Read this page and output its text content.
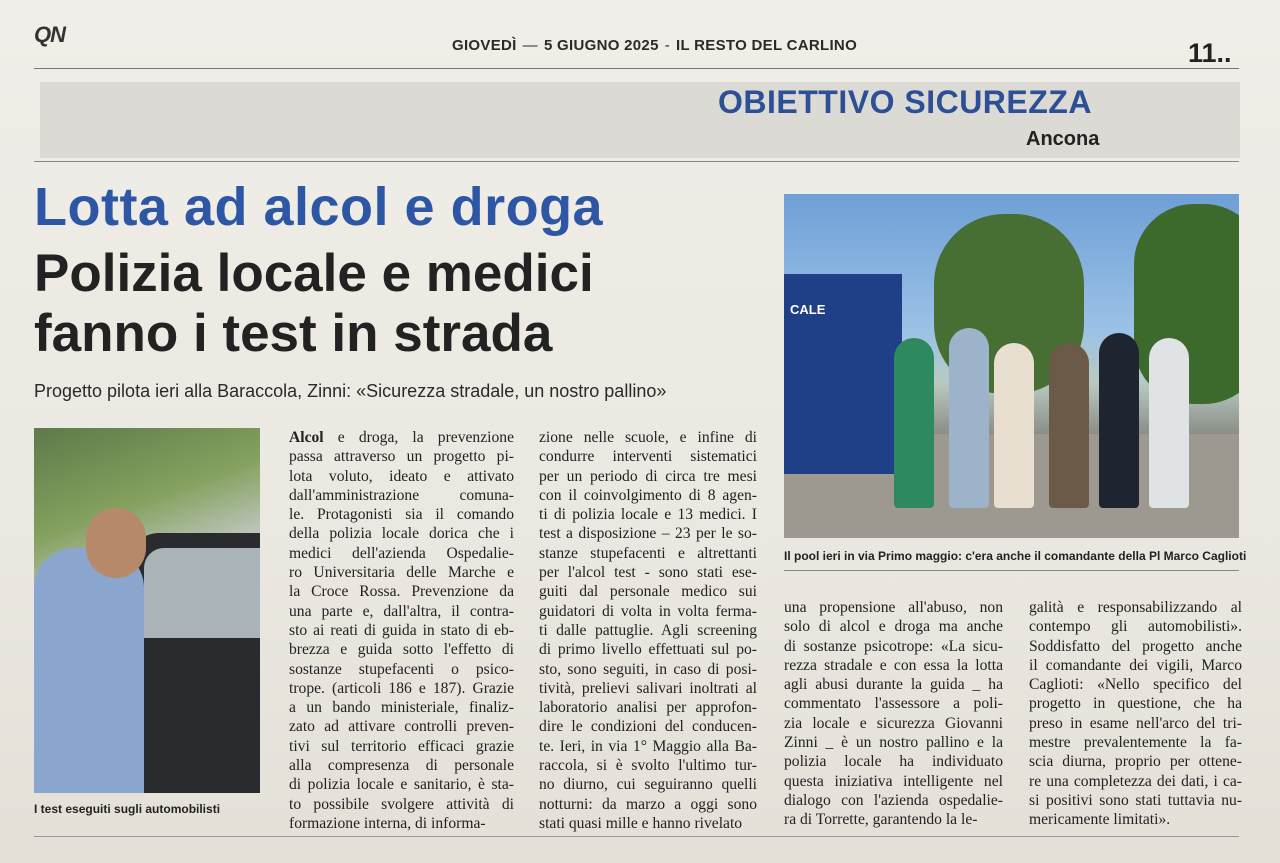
QN	GIOVEDÌ — 5 GIUGNO 2025 - IL RESTO DEL CARLINO	11..
OBIETTIVO SICUREZZA
Ancona
Lotta ad alcol e droga
Polizia locale e medici
fanno i test in strada
Progetto pilota ieri alla Baraccola, Zinni: «Sicurezza stradale, un nostro pallino»
I test eseguiti sugli automobilisti
CALE
Il pool ieri in via Primo maggio: c'era anche il comandante della Pl Marco Caglioti
Alcol e droga, la prevenzione
passa attraverso un progetto pi-
lota voluto, ideato e attivato
dall'amministrazione comuna-
le. Protagonisti sia il comando
della polizia locale dorica che i
medici dell'azienda Ospedalie-
ro Universitaria delle Marche e
la Croce Rossa. Prevenzione da
una parte e, dall'altra, il contra-
sto ai reati di guida in stato di eb-
brezza e guida sotto l'effetto di
sostanze stupefacenti o psico-
trope. (articoli 186 e 187). Grazie
a un bando ministeriale, finaliz-
zato ad attivare controlli preven-
tivi sul territorio efficaci grazie
alla compresenza di personale
di polizia locale e sanitario, è sta-
to possibile svolgere attività di
formazione interna, di informa-
zione nelle scuole, e infine di
condurre interventi sistematici
per un periodo di circa tre mesi
con il coinvolgimento di 8 agen-
ti di polizia locale e 13 medici. I
test a disposizione – 23 per le so-
stanze stupefacenti e altrettanti
per l'alcol test - sono stati ese-
guiti dal personale medico sui
guidatori di volta in volta ferma-
ti dalle pattuglie. Agli screening
di primo livello effettuati sul po-
sto, sono seguiti, in caso di posi-
tività, prelievi salivari inoltrati al
laboratorio analisi per approfon-
dire le condizioni del conducen-
te. Ieri, in via 1° Maggio alla Ba-
raccola, si è svolto l'ultimo tur-
no diurno, cui seguiranno quelli
notturni: da marzo a oggi sono
stati quasi mille e hanno rivelato
una propensione all'abuso, non
solo di alcol e droga ma anche
di sostanze psicotrope: «La sicu-
rezza stradale e con essa la lotta
agli abusi durante la guida _ ha
commentato l'assessore a poli-
zia locale e sicurezza Giovanni
Zinni _ è un nostro pallino e la
polizia locale ha individuato
questa iniziativa intelligente nel
dialogo con l'azienda ospedalie-
ra di Torrette, garantendo la le-
galità e responsabilizzando al
contempo gli automobilisti».
Soddisfatto del progetto anche
il comandante dei vigili, Marco
Caglioti: «Nello specifico del
progetto in questione, che ha
preso in esame nell'arco del tri-
mestre prevalentemente la fa-
scia diurna, proprio per ottene-
re una completezza dei dati, i ca-
si positivi sono stati tuttavia nu-
mericamente limitati».
